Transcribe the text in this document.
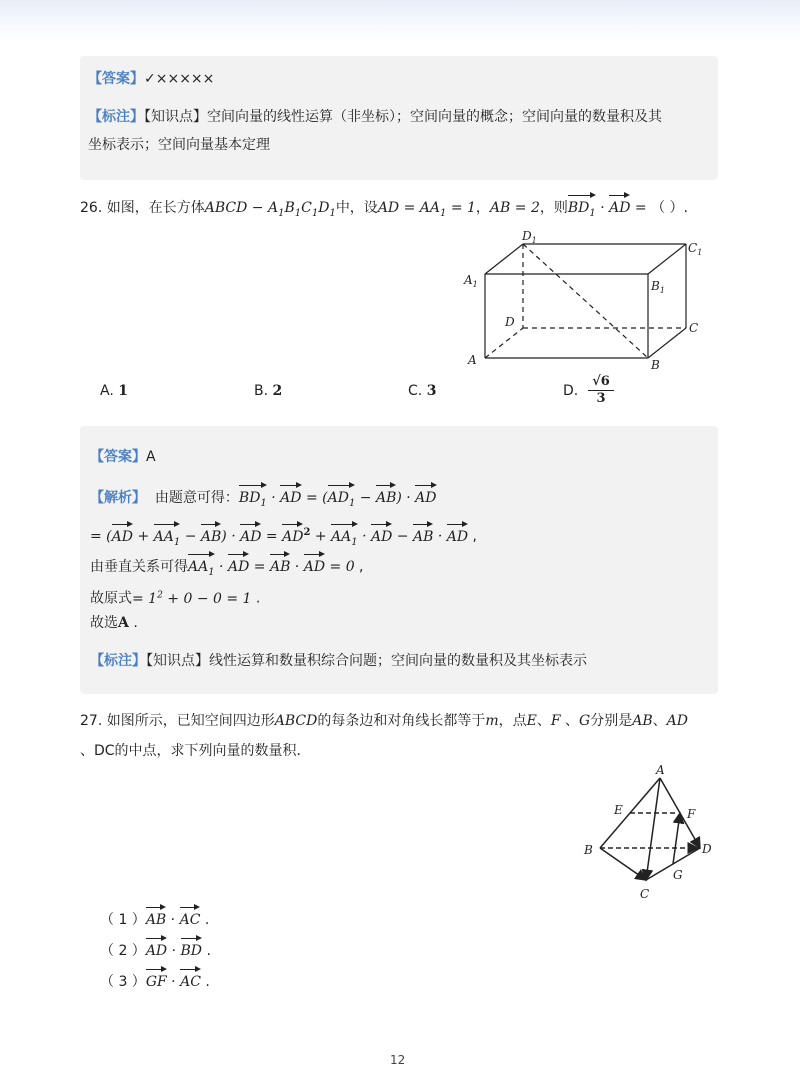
【答案】✓×××××
【标注】【知识点】空间向量的线性运算（非坐标）；空间向量的概念；空间向量的数量积及其
坐标表示；空间向量基本定理
26. 如图，在长方体ABCD − $A_1B_1C_1D_1$中，设AD = $AA_1 = 1$，AB = 2，则$BD_1$ · AD = （ ）.
A	B
C
D
$A_1$	$B_1$
$C_1$
$D_1$
A. 1	B. 2	C. 3	D.
√6
3
【答案】A
【解析】 由题意可得：$BD_1$ · AD = $(AD_1 - AB)$ · AD
= $(AD + AA_1 - AB)$ · AD = $AD^2 + AA_1$ · AD − AB · AD ,
由垂直关系可得$AA_1$ · AD = AB · AD = 0 ,
故原式= $1^2 + 0 - 0 = 1$ .
故选A .
【标注】【知识点】线性运算和数量积综合问题；空间向量的数量积及其坐标表示
27. 如图所示，已知空间四边形ABCD的每条边和对角线长都等于m，点E、F 、G分别是AB、AD
、DC的中点，求下列向量的数量积．
A
B
C
D
E	F
G
（ 1 ）AB · AC .
（ 2 ）AD · BD .
（ 3 ）GF · AC .
12
